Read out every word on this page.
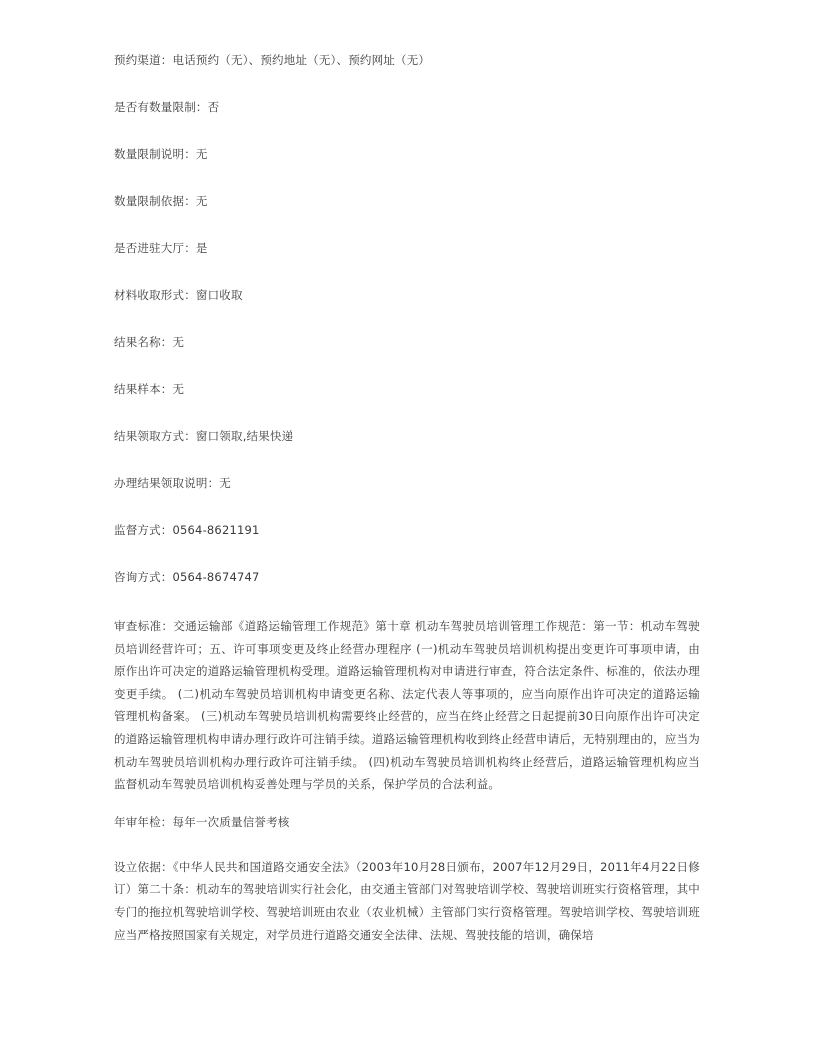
预约渠道：电话预约（无）、预约地址（无）、预约网址（无）
是否有数量限制：否
数量限制说明：无
数量限制依据：无
是否进驻大厅：是
材料收取形式：窗口收取
结果名称：无
结果样本：无
结果领取方式：窗口领取,结果快递
办理结果领取说明：无
监督方式：0564-8621191
咨询方式：0564-8674747

审查标准：交通运输部《道路运输管理工作规范》第十章 机动车驾驶员培训管理工作规范：第一节：机动车驾驶员培训经营许可；五、许可事项变更及终止经营办理程序 (一)机动车驾驶员培训机构提出变更许可事项申请，由原作出许可决定的道路运输管理机构受理。道路运输管理机构对申请进行审查，符合法定条件、标准的，依法办理变更手续。 (二)机动车驾驶员培训机构申请变更名称、法定代表人等事项的，应当向原作出许可决定的道路运输管理机构备案。 (三)机动车驾驶员培训机构需要终止经营的，应当在终止经营之日起提前30日向原作出许可决定的道路运输管理机构申请办理行政许可注销手续。道路运输管理机构收到终止经营申请后，无特别理由的，应当为机动车驾驶员培训机构办理行政许可注销手续。 (四)机动车驾驶员培训机构终止经营后，道路运输管理机构应当监督机动车驾驶员培训机构妥善处理与学员的关系，保护学员的合法利益。

年审年检：每年一次质量信誉考核

设立依据：《中华人民共和国道路交通安全法》（2003年10月28日颁布，2007年12月29日，2011年4月22日修订）第二十条：机动车的驾驶培训实行社会化，由交通主管部门对驾驶培训学校、驾驶培训班实行资格管理，其中专门的拖拉机驾驶培训学校、驾驶培训班由农业（农业机械）主管部门实行资格管理。驾驶培训学校、驾驶培训班应当严格按照国家有关规定，对学员进行道路交通安全法律、法规、驾驶技能的培训，确保培
